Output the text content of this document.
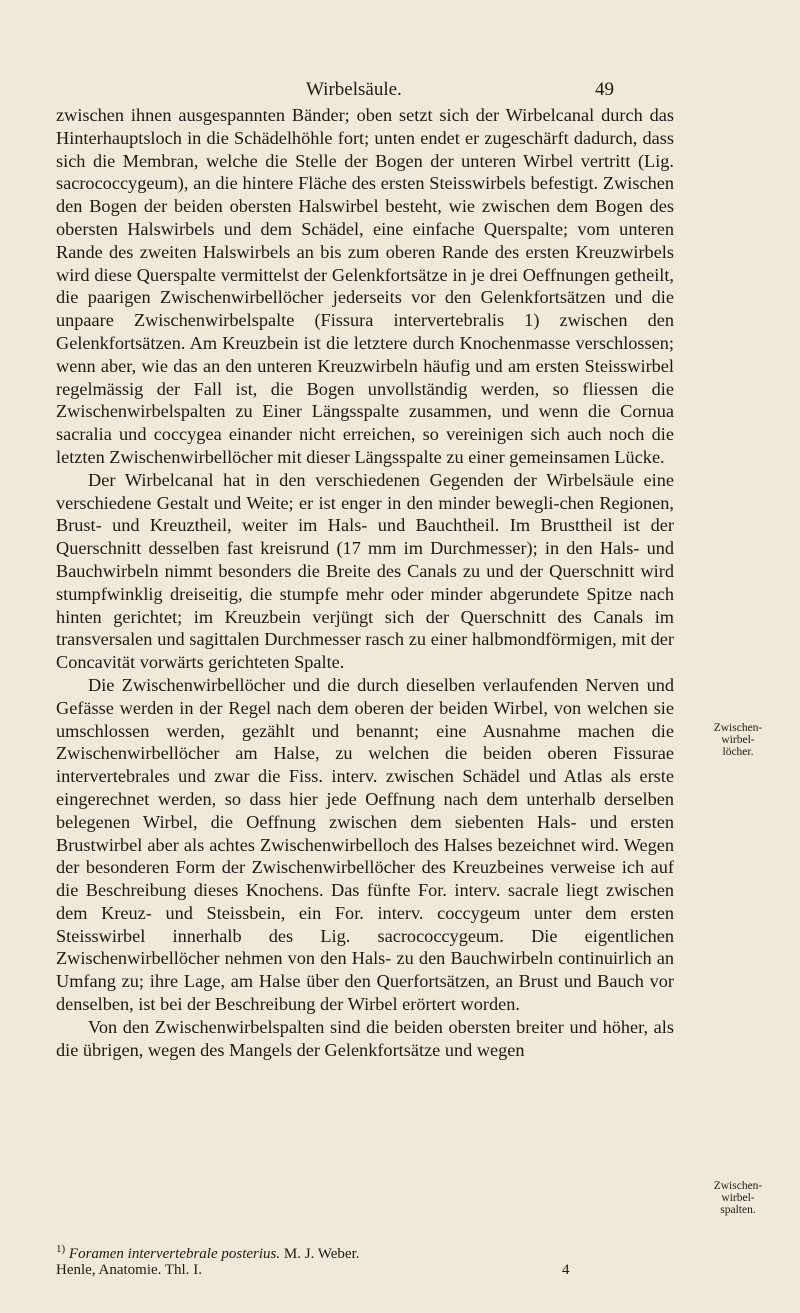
Wirbelsäule.	49

zwischen ihnen ausgespannten Bänder; oben setzt sich der Wirbelcanal durch das Hinterhauptsloch in die Schädelhöhle fort; unten endet er zugeschärft dadurch, dass sich die Membran, welche die Stelle der Bogen der unteren Wirbel vertritt (Lig. sacrococcygeum), an die hintere Fläche des ersten Steisswirbels befestigt. Zwischen den Bogen der beiden obersten Halswirbel besteht, wie zwischen dem Bogen des obersten Halswirbels und dem Schädel, eine einfache Querspalte; vom unteren Rande des zweiten Halswirbels an bis zum oberen Rande des ersten Kreuzwirbels wird diese Querspalte vermittelst der Gelenkfortsätze in je drei Oeffnungen getheilt, die paarigen Zwischenwirbellöcher jederseits vor den Gelenkfortsätzen und die unpaare Zwischenwirbelspalte (Fissura intervertebralis 1) zwischen den Gelenkfortsätzen. Am Kreuzbein ist die letztere durch Knochenmasse verschlossen; wenn aber, wie das an den unteren Kreuzwirbeln häufig und am ersten Steisswirbel regelmässig der Fall ist, die Bogen unvollständig werden, so fliessen die Zwischenwirbelspalten zu Einer Längsspalte zusammen, und wenn die Cornua sacralia und coccygea einander nicht erreichen, so vereinigen sich auch noch die letzten Zwischenwirbellöcher mit dieser Längsspalte zu einer gemeinsamen Lücke.

Der Wirbelcanal hat in den verschiedenen Gegenden der Wirbelsäule eine verschiedene Gestalt und Weite; er ist enger in den minder bewegli-chen Regionen, Brust- und Kreuztheil, weiter im Hals- und Bauchtheil. Im Brusttheil ist der Querschnitt desselben fast kreisrund (17 mm im Durchmesser); in den Hals- und Bauchwirbeln nimmt besonders die Breite des Canals zu und der Querschnitt wird stumpfwinklig dreiseitig, die stumpfe mehr oder minder abgerundete Spitze nach hinten gerichtet; im Kreuzbein verjüngt sich der Querschnitt des Canals im transversalen und sagittalen Durchmesser rasch zu einer halbmondförmigen, mit der Concavität vorwärts gerichteten Spalte.

Die Zwischenwirbellöcher und die durch dieselben verlaufenden Nerven und Gefässe werden in der Regel nach dem oberen der beiden Wirbel, von welchen sie umschlossen werden, gezählt und benannt; eine Ausnahme machen die Zwischenwirbellöcher am Halse, zu welchen die beiden oberen Fissurae intervertebrales und zwar die Fiss. interv. zwischen Schädel und Atlas als erste eingerechnet werden, so dass hier jede Oeffnung nach dem unterhalb derselben belegenen Wirbel, die Oeffnung zwischen dem siebenten Hals- und ersten Brustwirbel aber als achtes Zwischenwirbelloch des Halses bezeichnet wird. Wegen der besonderen Form der Zwischenwirbellöcher des Kreuzbeines verweise ich auf die Beschreibung dieses Knochens. Das fünfte For. interv. sacrale liegt zwischen dem Kreuz- und Steissbein, ein For. interv. coccygeum unter dem ersten Steisswirbel innerhalb des Lig. sacrococcygeum. Die eigentlichen Zwischenwirbellöcher nehmen von den Hals- zu den Bauchwirbeln continuirlich an Umfang zu; ihre Lage, am Halse über den Querfortsätzen, an Brust und Bauch vor denselben, ist bei der Beschreibung der Wirbel erörtert worden.

Von den Zwischenwirbelspalten sind die beiden obersten breiter und höher, als die übrigen, wegen des Mangels der Gelenkfortsätze und wegen

Zwischen-
wirbel-
löcher.
Zwischen-
wirbel-
spalten.
$^{1)}$ Foramen intervertebrale posterius. M. J. Weber.
Henle, Anatomie. Thl. I.	4
